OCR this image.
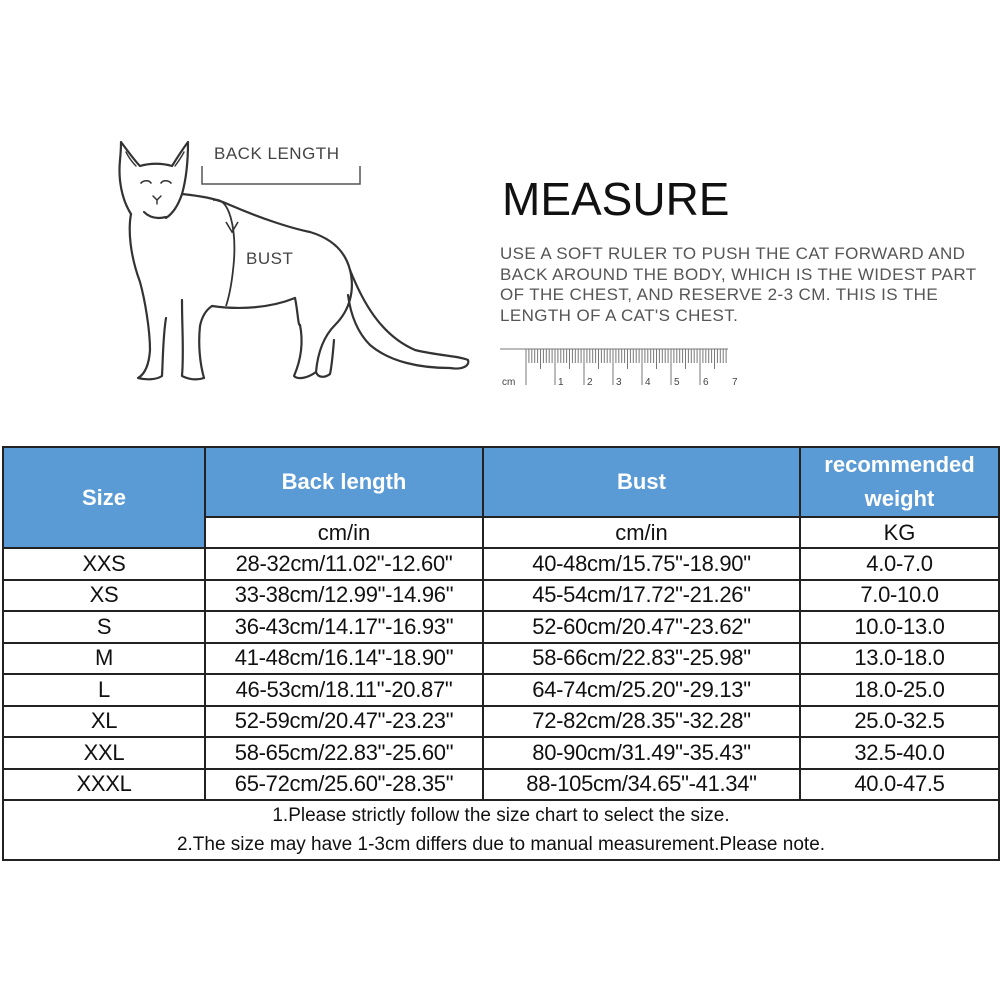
BACK LENGTH
BUST
MEASURE
USE A SOFT RULER TO PUSH THE CAT FORWARD AND BACK AROUND THE BODY, WHICH IS THE WIDEST PART OF THE CHEST, AND RESERVE 2-3 CM. THIS IS THE LENGTH OF A CAT'S CHEST.
cm	1 2 3 4 5 6 7
Size	Back length	Bust	recommended
weight
	cm/in	cm/in	KG
XXS	28-32cm/11.02"-12.60"	40-48cm/15.75"-18.90"	4.0-7.0
XS	33-38cm/12.99"-14.96"	45-54cm/17.72"-21.26"	7.0-10.0
S	36-43cm/14.17"-16.93"	52-60cm/20.47"-23.62"	10.0-13.0
M	41-48cm/16.14"-18.90"	58-66cm/22.83"-25.98"	13.0-18.0
L	46-53cm/18.11"-20.87"	64-74cm/25.20"-29.13"	18.0-25.0
XL	52-59cm/20.47"-23.23"	72-82cm/28.35"-32.28"	25.0-32.5
XXL	58-65cm/22.83"-25.60"	80-90cm/31.49"-35.43"	32.5-40.0
XXXL	65-72cm/25.60"-28.35"	88-105cm/34.65"-41.34"	40.0-47.5

1.Please strictly follow the size chart to select the size.
2.The size may have 1-3cm differs due to manual measurement.Please note.			
